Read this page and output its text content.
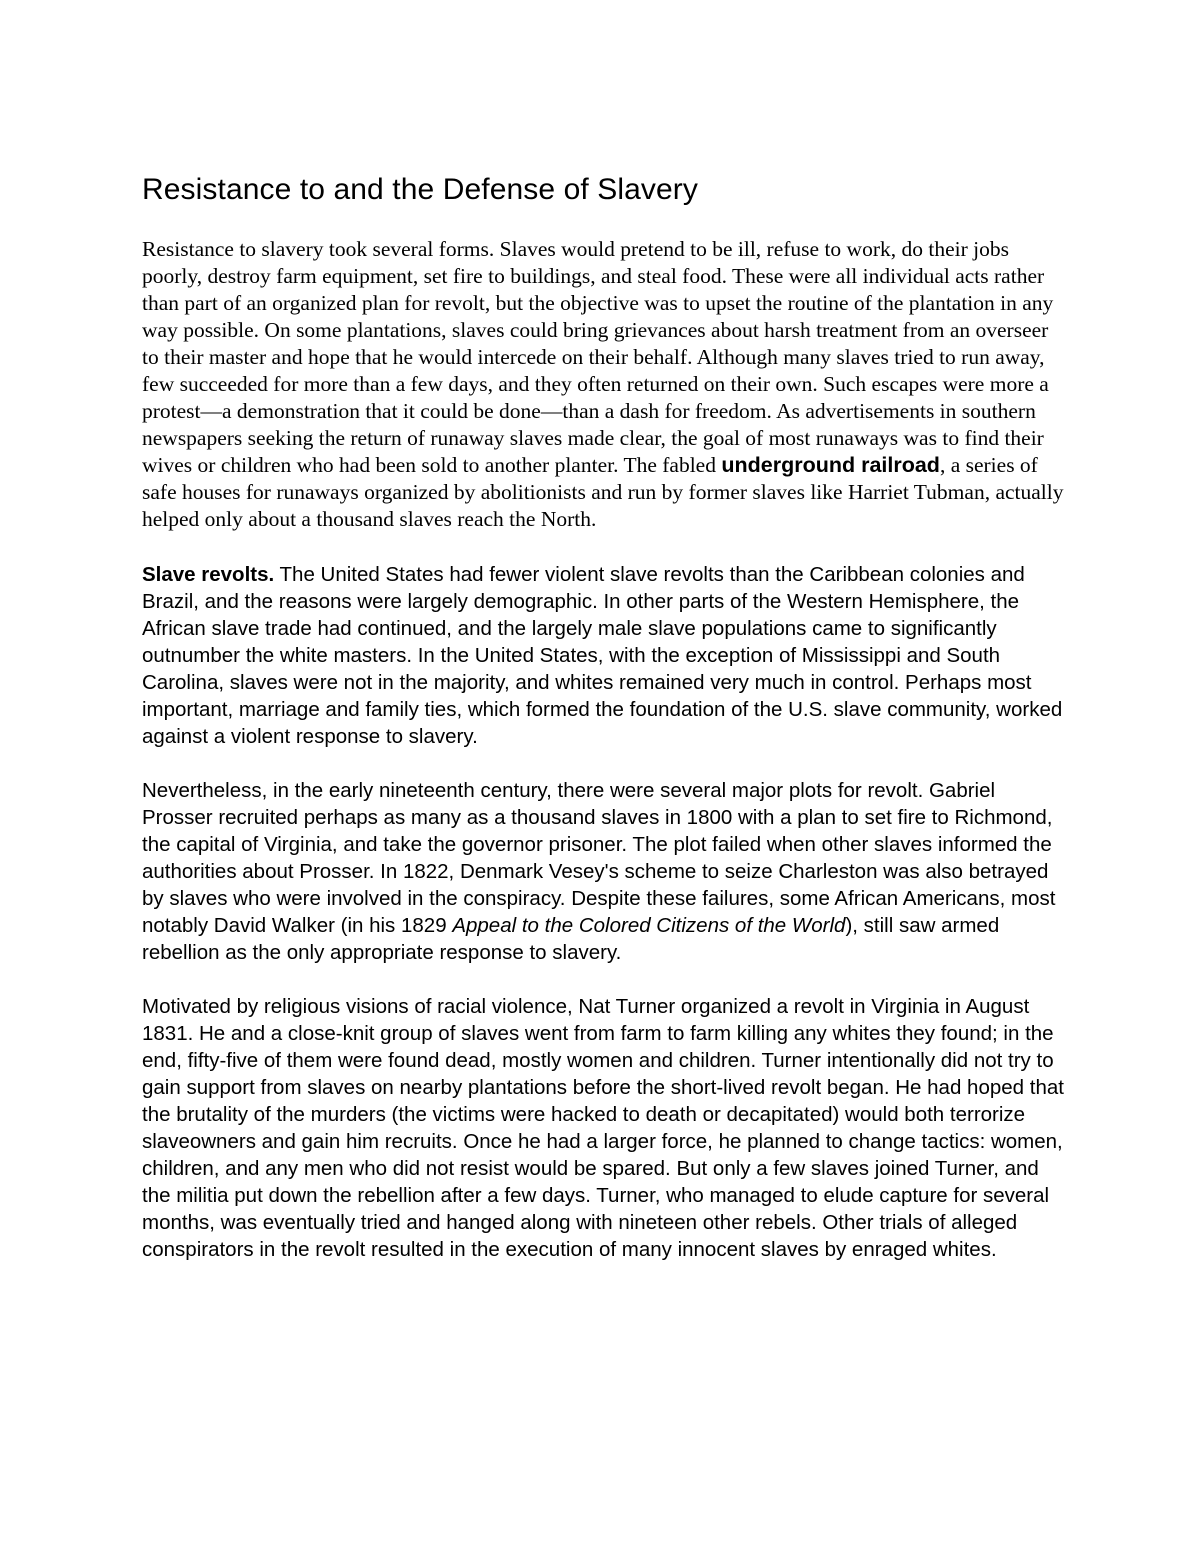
Resistance to and the Defense of Slavery

Resistance to slavery took several forms. Slaves would pretend to be ill, refuse to work, do their jobs poorly, destroy farm equipment, set fire to buildings, and steal food. These were all individual acts rather than part of an organized plan for revolt, but the objective was to upset the routine of the plantation in any way possible. On some plantations, slaves could bring grievances about harsh treatment from an overseer to their master and hope that he would intercede on their behalf. Although many slaves tried to run away, few succeeded for more than a few days, and they often returned on their own. Such escapes were more a protest—a demonstration that it could be done—than a dash for freedom. As advertisements in southern newspapers seeking the return of runaway slaves made clear, the goal of most runaways was to find their wives or children who had been sold to another planter. The fabled underground railroad, a series of safe houses for runaways organized by abolitionists and run by former slaves like Harriet Tubman, actually helped only about a thousand slaves reach the North.

Slave revolts. The United States had fewer violent slave revolts than the Caribbean colonies and Brazil, and the reasons were largely demographic. In other parts of the Western Hemisphere, the African slave trade had continued, and the largely male slave populations came to significantly outnumber the white masters. In the United States, with the exception of Mississippi and South Carolina, slaves were not in the majority, and whites remained very much in control. Perhaps most important, marriage and family ties, which formed the foundation of the U.S. slave community, worked against a violent response to slavery.

Nevertheless, in the early nineteenth century, there were several major plots for revolt. Gabriel Prosser recruited perhaps as many as a thousand slaves in 1800 with a plan to set fire to Richmond, the capital of Virginia, and take the governor prisoner. The plot failed when other slaves informed the authorities about Prosser. In 1822, Denmark Vesey's scheme to seize Charleston was also betrayed by slaves who were involved in the conspiracy. Despite these failures, some African Americans, most notably David Walker (in his 1829 Appeal to the Colored Citizens of the World), still saw armed rebellion as the only appropriate response to slavery.

Motivated by religious visions of racial violence, Nat Turner organized a revolt in Virginia in August 1831. He and a close-knit group of slaves went from farm to farm killing any whites they found; in the end, fifty-five of them were found dead, mostly women and children. Turner intentionally did not try to gain support from slaves on nearby plantations before the short-lived revolt began. He had hoped that the brutality of the murders (the victims were hacked to death or decapitated) would both terrorize slaveowners and gain him recruits. Once he had a larger force, he planned to change tactics: women, children, and any men who did not resist would be spared. But only a few slaves joined Turner, and the militia put down the rebellion after a few days. Turner, who managed to elude capture for several months, was eventually tried and hanged along with nineteen other rebels. Other trials of alleged conspirators in the revolt resulted in the execution of many innocent slaves by enraged whites.
